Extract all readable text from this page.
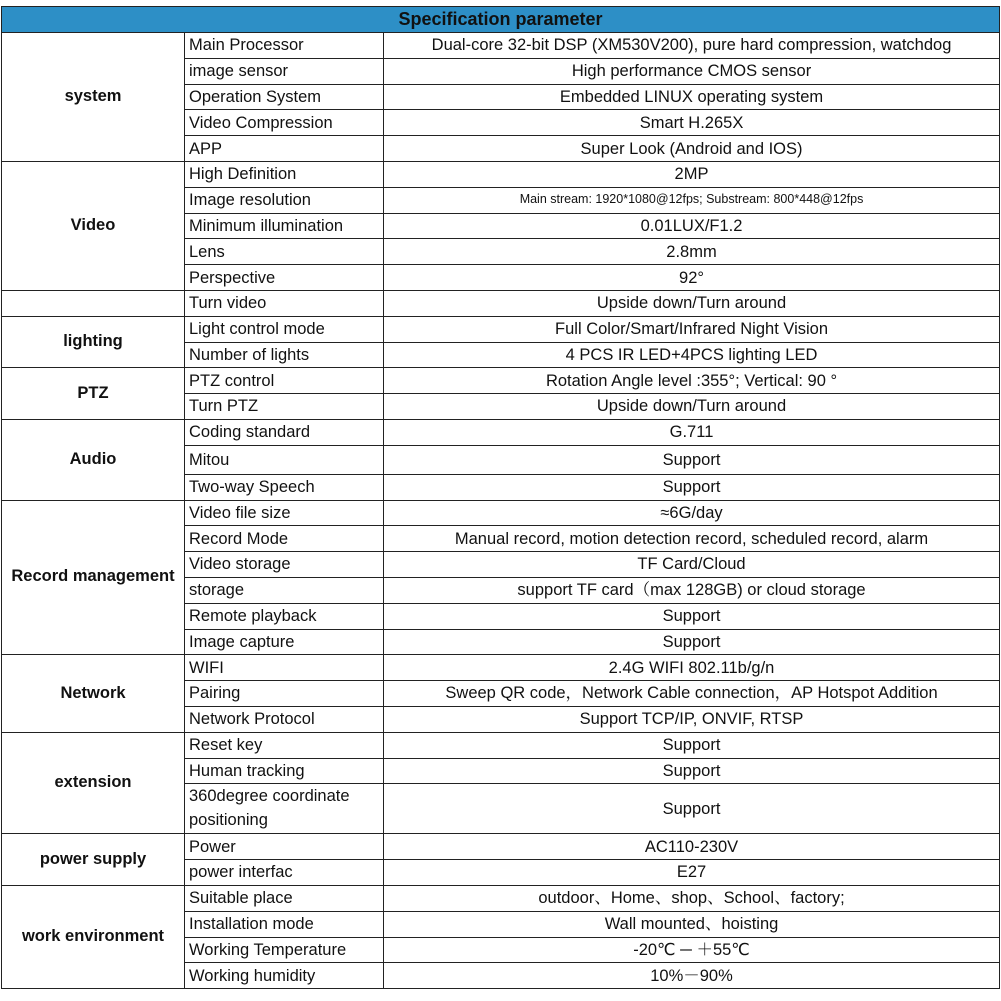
Specification parameter		
system	Main Processor	Dual-core 32-bit DSP (XM530V200), pure hard compression, watchdog
	image sensor	High performance CMOS sensor
	Operation System	Embedded LINUX operating system
	Video Compression	Smart H.265X
	APP	Super Look (Android and IOS)
Video	High Definition	2MP
	Image resolution	Main stream: 1920*1080@12fps; Substream: 800*448@12fps
	Minimum illumination	0.01LUX/F1.2
	Lens	2.8mm
	Perspective	92°
	Turn video	Upside down/Turn around
lighting	Light control mode	Full Color/Smart/Infrared Night Vision
	Number of lights	4 PCS IR LED+4PCS lighting LED
PTZ	PTZ control	Rotation Angle level :355°; Vertical: 90 °
	Turn PTZ	Upside down/Turn around
Audio	Coding standard	G.711
	Mitou	Support
	Two-way Speech	Support
Record management	Video file size	≈6G/day
	Record Mode	Manual record, motion detection record, scheduled record, alarm
	Video storage	TF Card/Cloud
	storage	support TF card（max 128GB) or cloud storage
	Remote playback	Support
	Image capture	Support
Network	WIFI	2.4G WIFI 802.11b/g/n
	Pairing	Sweep QR code，Network Cable connection，AP Hotspot Addition
	Network Protocol	Support TCP/IP, ONVIF, RTSP
extension	Reset key	Support
	Human tracking	Support
	360degree coordinate positioning	Support
power supply	Power	AC110-230V
	power interfac	E27
work environment	Suitable place	outdoor、Home、shop、School、factory;
	Installation mode	Wall mounted、hoisting
	Working Temperature	-20℃ ─ ＋55℃
	Working humidity	10%－90%
